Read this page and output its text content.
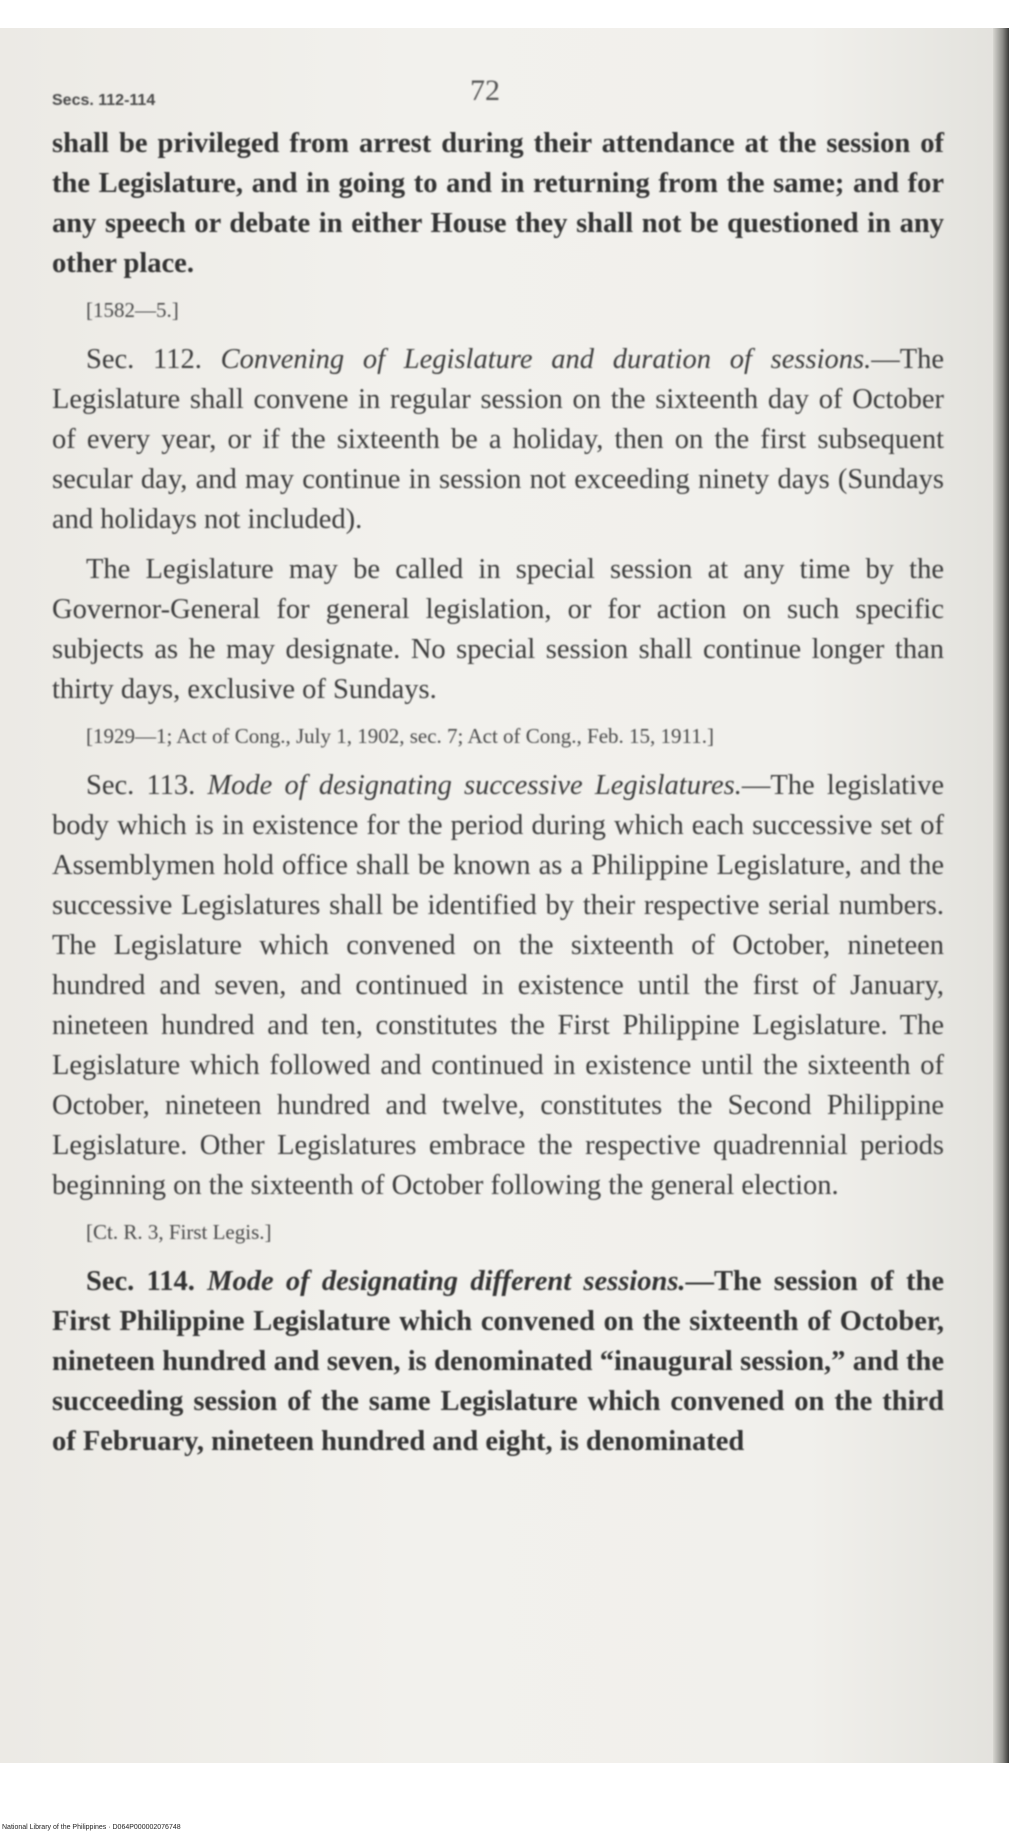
Secs. 112-114	72

shall be privileged from arrest during their attendance at the session of the Legislature, and in going to and in returning from the same; and for any speech or debate in either House they shall not be questioned in any other place.

[1582—5.]

Sec. 112. Convening of Legislature and duration of sessions.—The Legislature shall convene in regular session on the sixteenth day of October of every year, or if the sixteenth be a holiday, then on the first subsequent secular day, and may continue in session not exceeding ninety days (Sundays and holidays not included).

The Legislature may be called in special session at any time by the Governor-General for general legislation, or for action on such specific subjects as he may designate. No special session shall continue longer than thirty days, exclusive of Sundays.

[1929—1; Act of Cong., July 1, 1902, sec. 7; Act of Cong., Feb. 15, 1911.]

Sec. 113. Mode of designating successive Legislatures.—The legislative body which is in existence for the period during which each successive set of Assemblymen hold office shall be known as a Philippine Legislature, and the successive Legislatures shall be identified by their respective serial numbers. The Legislature which convened on the sixteenth of October, nineteen hundred and seven, and continued in existence until the first of January, nineteen hundred and ten, constitutes the First Philippine Legislature. The Legislature which followed and continued in existence until the sixteenth of October, nineteen hundred and twelve, constitutes the Second Philippine Legislature. Other Legislatures embrace the respective quadrennial periods beginning on the sixteenth of October following the general election.

[Ct. R. 3, First Legis.]

Sec. 114. Mode of designating different sessions.—The session of the First Philippine Legislature which convened on the sixteenth of October, nineteen hundred and seven, is denominated “inaugural session,” and the succeeding session of the same Legislature which convened on the third of February, nineteen hundred and eight, is denominated

National Library of the Philippines · D064P000002076748
